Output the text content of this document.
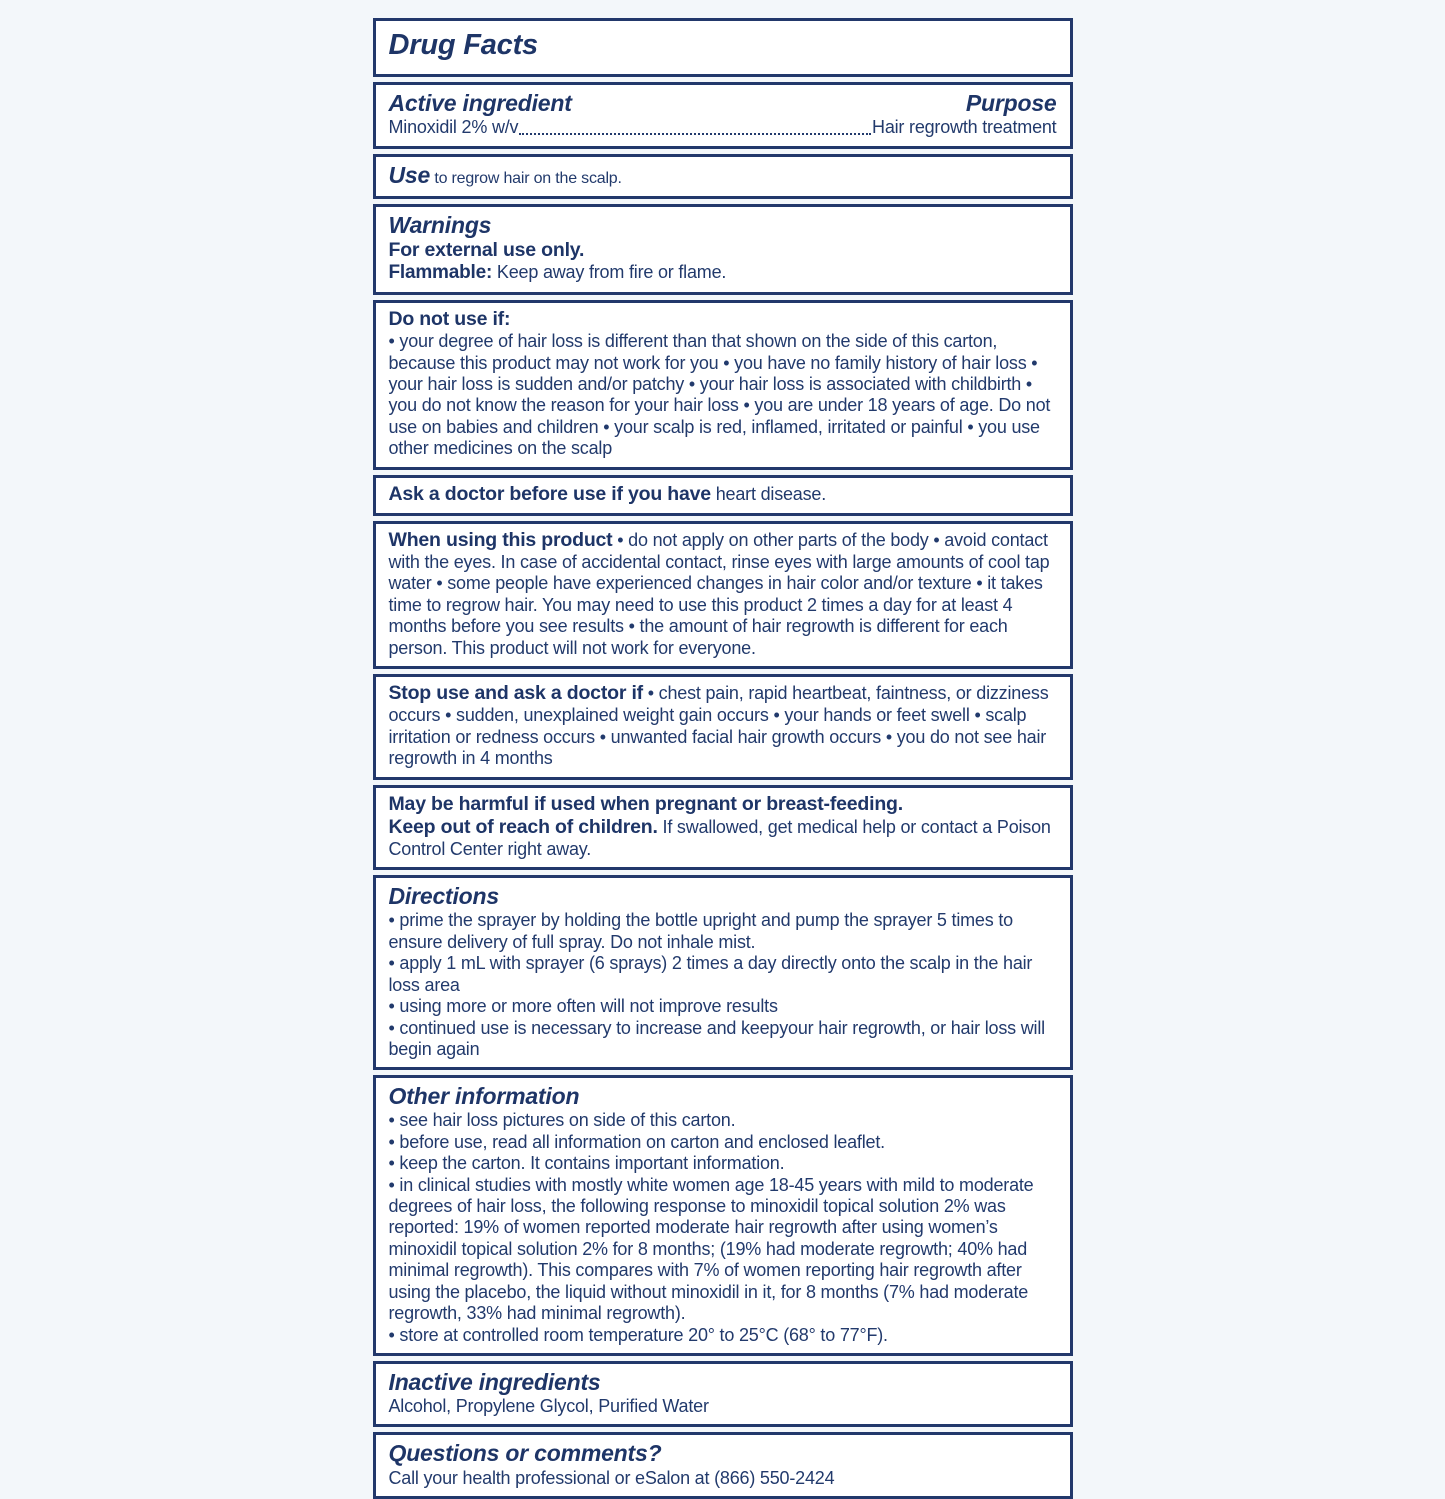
Drug Facts
Active ingredient	Purpose
Minoxidil 2% w/v	Hair regrowth treatment

Use to regrow hair on the scalp.

Warnings

For external use only.

Flammable: Keep away from fire or flame.

Do not use if:

• your degree of hair loss is different than that shown on the side of this carton, because this product may not work for you • you have no family history of hair loss • your hair loss is sudden and/or patchy • your hair loss is associated with childbirth • you do not know the reason for your hair loss • you are under 18 years of age. Do not use on babies and children • your scalp is red, inflamed, irritated or painful • you use other medicines on the scalp

Ask a doctor before use if you have heart disease.

When using this product • do not apply on other parts of the body • avoid contact with the eyes. In case of accidental contact, rinse eyes with large amounts of cool tap water • some people have experienced changes in hair color and/or texture • it takes time to regrow hair. You may need to use this product 2 times a day for at least 4 months before you see results • the amount of hair regrowth is different for each person. This product will not work for everyone.

Stop use and ask a doctor if • chest pain, rapid heartbeat, faintness, or dizziness occurs • sudden, unexplained weight gain occurs • your hands or feet swell • scalp irritation or redness occurs • unwanted facial hair growth occurs • you do not see hair regrowth in 4 months

May be harmful if used when pregnant or breast-feeding.

Keep out of reach of children. If swallowed, get medical help or contact a Poison Control Center right away.

Directions

• prime the sprayer by holding the bottle upright and pump the sprayer 5 times to ensure delivery of full spray. Do not inhale mist.

• apply 1 mL with sprayer (6 sprays) 2 times a day directly onto the scalp in the hair loss area

• using more or more often will not improve results

• continued use is necessary to increase and keepyour hair regrowth, or hair loss will begin again

Other information

• see hair loss pictures on side of this carton.

• before use, read all information on carton and enclosed leaflet.

• keep the carton. It contains important information.

• in clinical studies with mostly white women age 18-45 years with mild to moderate degrees of hair loss, the following response to minoxidil topical solution 2% was reported: 19% of women reported moderate hair regrowth after using women’s minoxidil topical solution 2% for 8 months; (19% had moderate regrowth; 40% had minimal regrowth). This compares with 7% of women reporting hair regrowth after using the placebo, the liquid without minoxidil in it, for 8 months (7% had moderate regrowth, 33% had minimal regrowth).

• store at controlled room temperature 20° to 25°C (68° to 77°F).

Inactive ingredients

Alcohol, Propylene Glycol, Purified Water

Questions or comments?

Call your health professional or eSalon at (866) 550-2424
